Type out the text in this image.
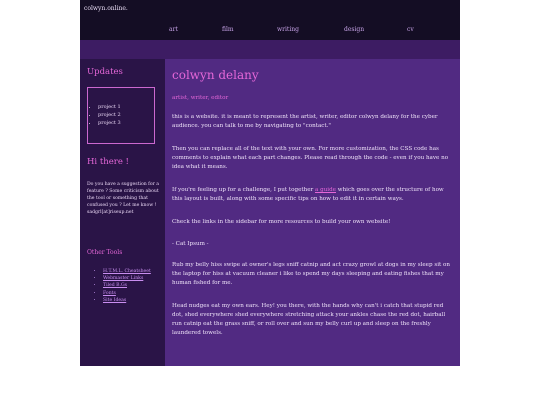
colwyn.online.
art	film	writing	design	cv
Updates
• project 1
• project 2
• project 3
Hi there !
Do you have a suggestion for a feature ? Some criticism about the tool or something that confused you ? Let me know ! sadgrl[at]riseup.net
Other Tools
• H.T.M.L. Cheatsheet
• Webmaster Links
• Tiled B.Gs
• Fonts
• Site Ideas
colwyn delany
artist, writer, editor

this is a website. it is meant to represent the artist, writer, editor colwyn delany for the cyber audience. you can talk to me by navigating to "contact."

Then you can replace all of the text with your own. For more customization, the CSS code has comments to explain what each part changes. Please read through the code - even if you have no idea what it means.

If you're feeling up for a challenge, I put together a guide which goes over the structure of how this layout is built, along with some specific tips on how to edit it in certain ways.

Check the links in the sidebar for more resources to build your own website!

- Cat Ipsum -

Rub my belly hiss swipe at owner's legs sniff catnip and act crazy growl at dogs in my sleep sit on the laptop for hiss at vacuum cleaner i like to spend my days sleeping and eating fishes that my human fished for me.

Head nudges eat my own ears. Hey! you there, with the hands why can't i catch that stupid red dot, shed everywhere shed everywhere stretching attack your ankles chase the red dot, hairball run catnip eat the grass sniff, or roll over and sun my belly curl up and sleep on the freshly laundered towels.
